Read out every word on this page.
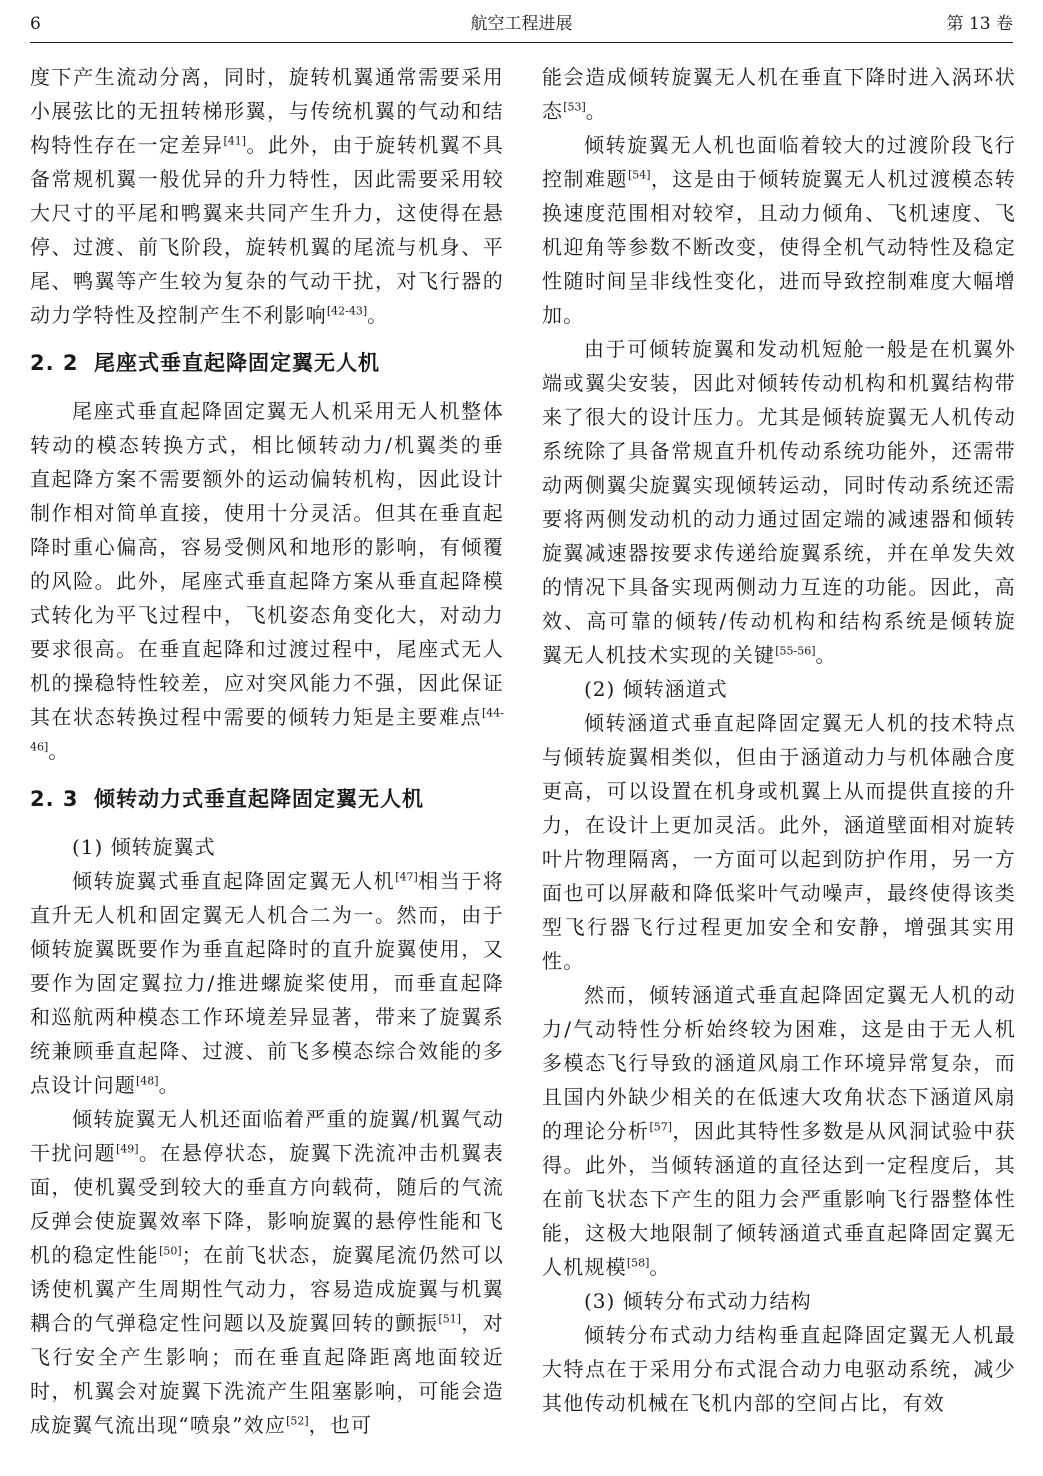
6	航空工程进展	第 13 卷

度下产生流动分离，同时，旋转机翼通常需要采用小展弦比的无扭转梯形翼，与传统机翼的气动和结构特性存在一定差异[41]。此外，由于旋转机翼不具备常规机翼一般优异的升力特性，因此需要采用较大尺寸的平尾和鸭翼来共同产生升力，这使得在悬停、过渡、前飞阶段，旋转机翼的尾流与机身、平尾、鸭翼等产生较为复杂的气动干扰，对飞行器的动力学特性及控制产生不利影响[42-43]。

2. 2 尾座式垂直起降固定翼无人机

尾座式垂直起降固定翼无人机采用无人机整体转动的模态转换方式，相比倾转动力/机翼类的垂直起降方案不需要额外的运动偏转机构，因此设计制作相对简单直接，使用十分灵活。但其在垂直起降时重心偏高，容易受侧风和地形的影响，有倾覆的风险。此外，尾座式垂直起降方案从垂直起降模式转化为平飞过程中，飞机姿态角变化大，对动力要求很高。在垂直起降和过渡过程中，尾座式无人机的操稳特性较差，应对突风能力不强，因此保证其在状态转换过程中需要的倾转力矩是主要难点[44-46]。

2. 3 倾转动力式垂直起降固定翼无人机
(1) 倾转旋翼式

倾转旋翼式垂直起降固定翼无人机[47]相当于将直升无人机和固定翼无人机合二为一。然而，由于倾转旋翼既要作为垂直起降时的直升旋翼使用，又要作为固定翼拉力/推进螺旋桨使用，而垂直起降和巡航两种模态工作环境差异显著，带来了旋翼系统兼顾垂直起降、过渡、前飞多模态综合效能的多点设计问题[48]。

倾转旋翼无人机还面临着严重的旋翼/机翼气动干扰问题[49]。在悬停状态，旋翼下洗流冲击机翼表面，使机翼受到较大的垂直方向载荷，随后的气流反弹会使旋翼效率下降，影响旋翼的悬停性能和飞机的稳定性能[50]；在前飞状态，旋翼尾流仍然可以诱使机翼产生周期性气动力，容易造成旋翼与机翼耦合的气弹稳定性问题以及旋翼回转的颤振[51]，对飞行安全产生影响；而在垂直起降距离地面较近时，机翼会对旋翼下洗流产生阻塞影响，可能会造成旋翼气流出现“喷泉”效应[52]，也可

能会造成倾转旋翼无人机在垂直下降时进入涡环状态[53]。

倾转旋翼无人机也面临着较大的过渡阶段飞行控制难题[54]，这是由于倾转旋翼无人机过渡模态转换速度范围相对较窄，且动力倾角、飞机速度、飞机迎角等参数不断改变，使得全机气动特性及稳定性随时间呈非线性变化，进而导致控制难度大幅增加。

由于可倾转旋翼和发动机短舱一般是在机翼外端或翼尖安装，因此对倾转传动机构和机翼结构带来了很大的设计压力。尤其是倾转旋翼无人机传动系统除了具备常规直升机传动系统功能外，还需带动两侧翼尖旋翼实现倾转运动，同时传动系统还需要将两侧发动机的动力通过固定端的减速器和倾转旋翼减速器按要求传递给旋翼系统，并在单发失效的情况下具备实现两侧动力互连的功能。因此，高效、高可靠的倾转/传动机构和结构系统是倾转旋翼无人机技术实现的关键[55-56]。

(2) 倾转涵道式

倾转涵道式垂直起降固定翼无人机的技术特点与倾转旋翼相类似，但由于涵道动力与机体融合度更高，可以设置在机身或机翼上从而提供直接的升力，在设计上更加灵活。此外，涵道壁面相对旋转叶片物理隔离，一方面可以起到防护作用，另一方面也可以屏蔽和降低桨叶气动噪声，最终使得该类型飞行器飞行过程更加安全和安静，增强其实用性。

然而，倾转涵道式垂直起降固定翼无人机的动力/气动特性分析始终较为困难，这是由于无人机多模态飞行导致的涵道风扇工作环境异常复杂，而且国内外缺少相关的在低速大攻角状态下涵道风扇的理论分析[57]，因此其特性多数是从风洞试验中获得。此外，当倾转涵道的直径达到一定程度后，其在前飞状态下产生的阻力会严重影响飞行器整体性能，这极大地限制了倾转涵道式垂直起降固定翼无人机规模[58]。

(3) 倾转分布式动力结构

倾转分布式动力结构垂直起降固定翼无人机最大特点在于采用分布式混合动力电驱动系统，减少其他传动机械在飞机内部的空间占比，有效
